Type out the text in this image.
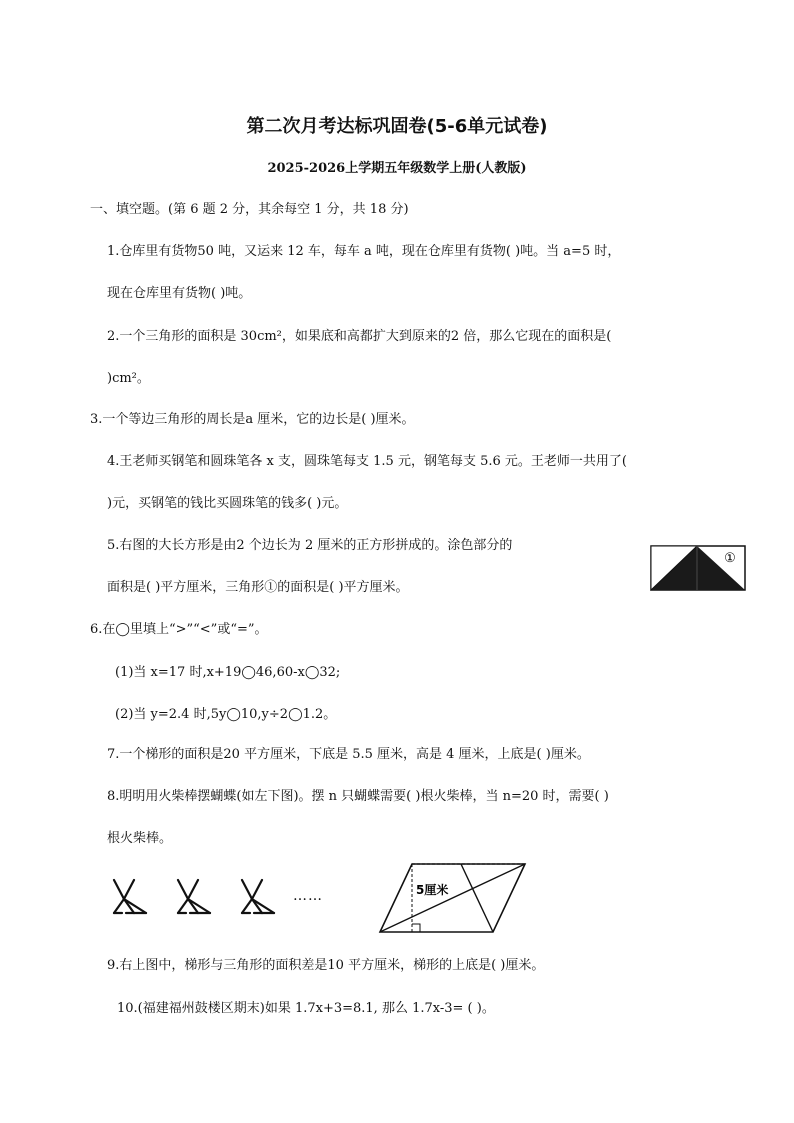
第二次月考达标巩固卷(5-6单元试卷)
2025-2026上学期五年级数学上册(人教版)
一、填空题。(第 6 题 2 分，其余每空 1 分，共 18 分)
1.仓库里有货物50 吨，又运来 12 车，每车 a 吨，现在仓库里有货物( )吨。当 a=5 时，
现在仓库里有货物( )吨。
2.一个三角形的面积是 30cm²，如果底和高都扩大到原来的2 倍，那么它现在的面积是(
)cm²。
3.一个等边三角形的周长是a 厘米，它的边长是( )厘米。
4.王老师买钢笔和圆珠笔各 x 支，圆珠笔每支 1.5 元，钢笔每支 5.6 元。王老师一共用了(
)元，买钢笔的钱比买圆珠笔的钱多( )元。
5.右图的大长方形是由2 个边长为 2 厘米的正方形拼成的。涂色部分的
面积是( )平方厘米，三角形①的面积是( )平方厘米。
①
6.在◯里填上“>”“<”或“=”。
(1)当 x=17 时,x+19◯46,60-x◯32;
(2)当 y=2.4 时,5y◯10,y÷2◯1.2。
7.一个梯形的面积是20 平方厘米，下底是 5.5 厘米，高是 4 厘米，上底是( )厘米。
8.明明用火柴棒摆蝴蝶(如左下图)。摆 n 只蝴蝶需要( )根火柴棒，当 n=20 时，需要( )
根火柴棒。
……	5厘米
9.右上图中，梯形与三角形的面积差是10 平方厘米，梯形的上底是( )厘米。
10.(福建福州鼓楼区期末)如果 1.7x+3=8.1, 那么 1.7x-3= ( )。
